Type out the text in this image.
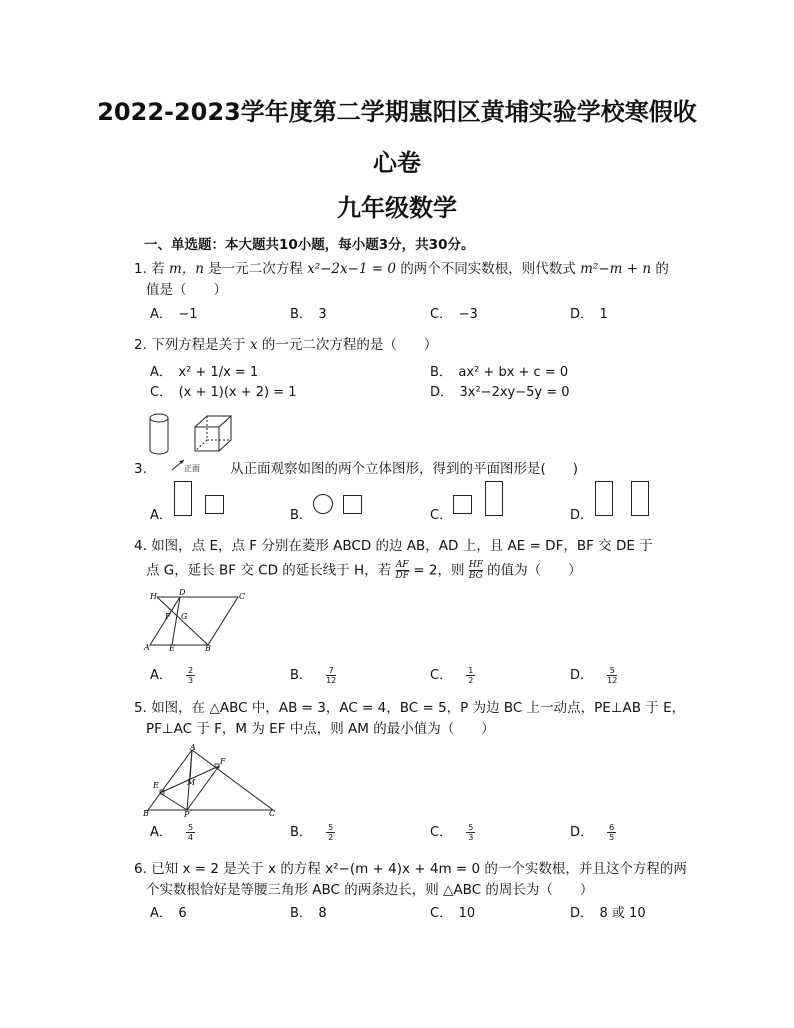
2022-2023学年度第二学期惠阳区黄埔实验学校寒假收
心卷
九年级数学
一、单选题：本大题共10小题，每小题3分，共30分。
1. 若 m，n 是一元二次方程 x²−2x−1 = 0 的两个不同实数根，则代数式 m²−m + n 的
值是（　　）
A．　−1	B．　3	C．　−3	D．　1
2. 下列方程是关于 x 的一元二次方程的是（　　）
A．　x² + 1/x = 1	B．　ax² + bx + c = 0
C．　(x + 1)(x + 2) = 1	D．　3x²−2xy−5y = 0
正面
3.	从正面观察如图的两个立体图形，得到的平面图形是(　　)
A．	B．	C．	D．
4. 如图，点 E，点 F 分别在菱形 ABCD 的边 AB，AD 上，且 AE = DF，BF 交 DE 于
点 G，延长 BF 交 CD 的延长线于 H，若 $\frac{AF}{DF} = 2$，则 $\frac{HF}{BG}$ 的值为（　　）
H	D	C
F G
A E	B
A． $\frac{2}{3}$	B． $\frac{7}{12}$	C． $\frac{1}{2}$	D． $\frac{5}{12}$
5. 如图，在 △ABC 中，AB = 3，AC = 4，BC = 5，P 为边 BC 上一动点，PE⊥AB 于 E，
PF⊥AC 于 F，M 为 EF 中点，则 AM 的最小值为（　　）
A
F
E	M
B	P	C
A． $\frac{5}{4}$	B． $\frac{5}{2}$	C． $\frac{5}{3}$	D． $\frac{6}{5}$
6. 已知 x = 2 是关于 x 的方程 x²−(m + 4)x + 4m = 0 的一个实数根，并且这个方程的两
个实数根恰好是等腰三角形 ABC 的两条边长，则 △ABC 的周长为（　　）
A．　6	B．　8	C．　10	D．　8 或 10
